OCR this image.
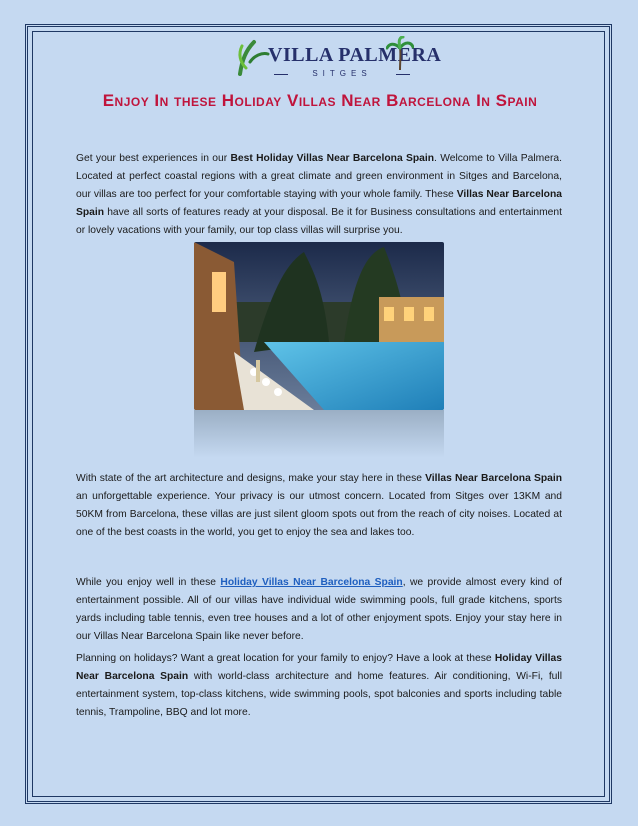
VILLA PALMERA
SITGES
Enjoy In these Holiday Villas Near Barcelona In Spain
Get your best experiences in our Best Holiday Villas Near Barcelona Spain. Welcome to Villa Palmera. Located at perfect coastal regions with a great climate and green environment in Sitges and Barcelona, our villas are too perfect for your comfortable staying with your whole family. These Villas Near Barcelona Spain have all sorts of features ready at your disposal. Be it for Business consultations and entertainment or lovely vacations with your family, our top class villas will surprise you.
With state of the art architecture and designs, make your stay here in these Villas Near Barcelona Spain an unforgettable experience. Your privacy is our utmost concern. Located from Sitges over 13KM and 50KM from Barcelona, these villas are just silent gloom spots out from the reach of city noises. Located at one of the best coasts in the world, you get to enjoy the sea and lakes too.
While you enjoy well in these Holiday Villas Near Barcelona Spain, we provide almost every kind of entertainment possible. All of our villas have individual wide swimming pools, full grade kitchens, sports yards including table tennis, even tree houses and a lot of other enjoyment spots. Enjoy your stay here in our Villas Near Barcelona Spain like never before.
Planning on holidays? Want a great location for your family to enjoy? Have a look at these Holiday Villas Near Barcelona Spain with world-class architecture and home features. Air conditioning, Wi-Fi, full entertainment system, top-class kitchens, wide swimming pools, spot balconies and sports including table tennis, Trampoline, BBQ and lot more.
